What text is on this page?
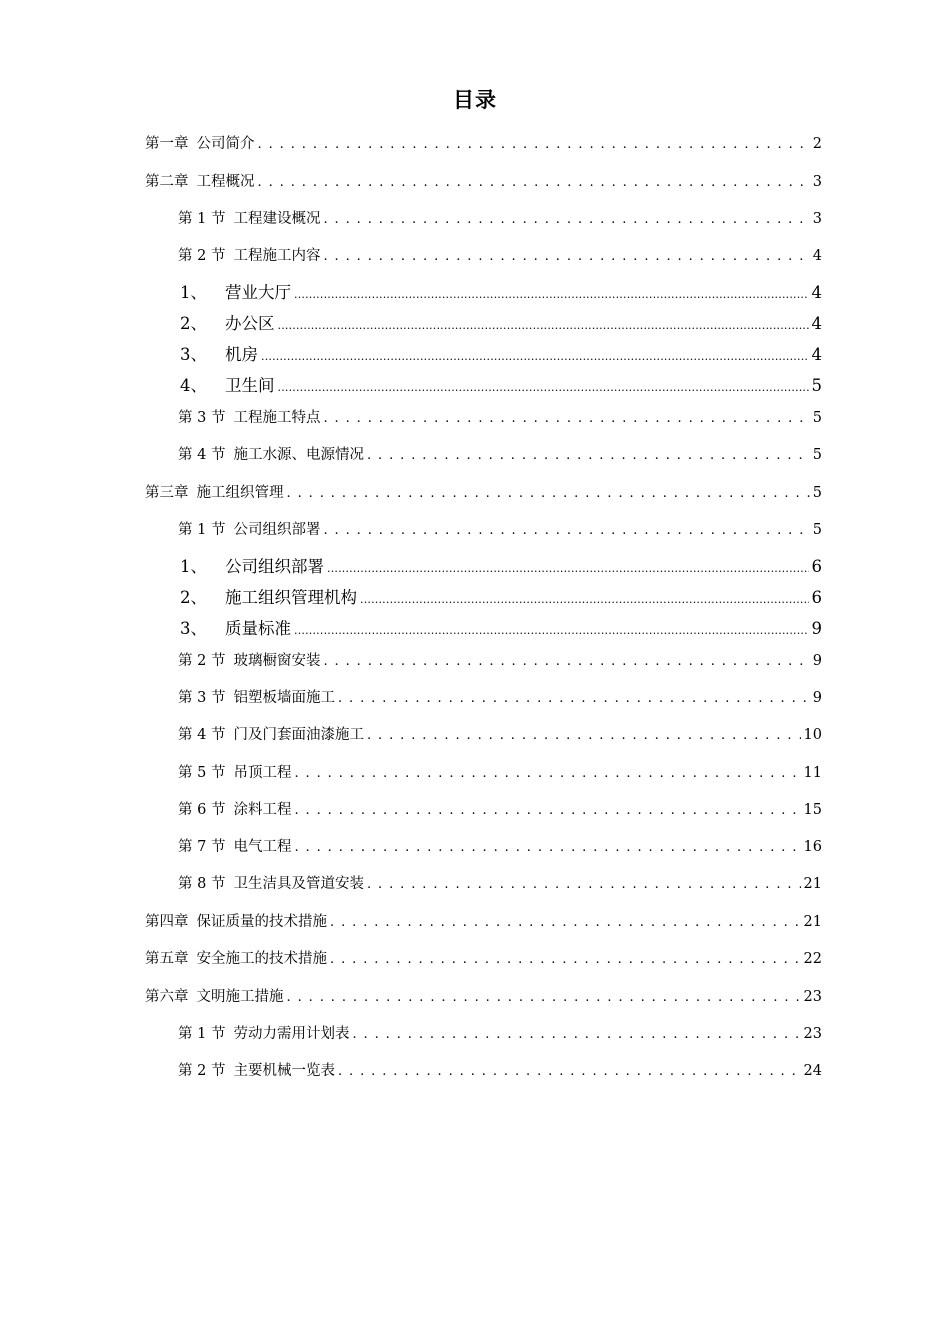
目录
第一章 公司简介 . . .	2
第二章 工程概况 . . .	3
第 1 节 工程建设概况 . . .	3
第 2 节 工程施工内容 . . .	4
1、 营业大厅 .....	4
2、 办公区 .....	4
3、 机房 .....	4
4、 卫生间 .....	5
第 3 节 工程施工特点 . . .	5
第 4 节 施工水源、电源情况 . . .	5
第三章 施工组织管理 . . .	5
第 1 节 公司组织部署 . . .	5
1、 公司组织部署 .....	6
2、 施工组织管理机构 .....	6
3、 质量标准 .....	9
第 2 节 玻璃橱窗安装 . . .	9
第 3 节 铝塑板墙面施工 . . .	9
第 4 节 门及门套面油漆施工 . . .	10
第 5 节 吊顶工程 . . .	11
第 6 节 涂料工程 . . .	15
第 7 节 电气工程 . . .	16
第 8 节 卫生洁具及管道安装 . . .	21
第四章 保证质量的技术措施 . . .	21
第五章 安全施工的技术措施 . . .	22
第六章 文明施工措施 . . .	23
第 1 节 劳动力需用计划表 . . .	23
第 2 节 主要机械一览表 . . .	24
